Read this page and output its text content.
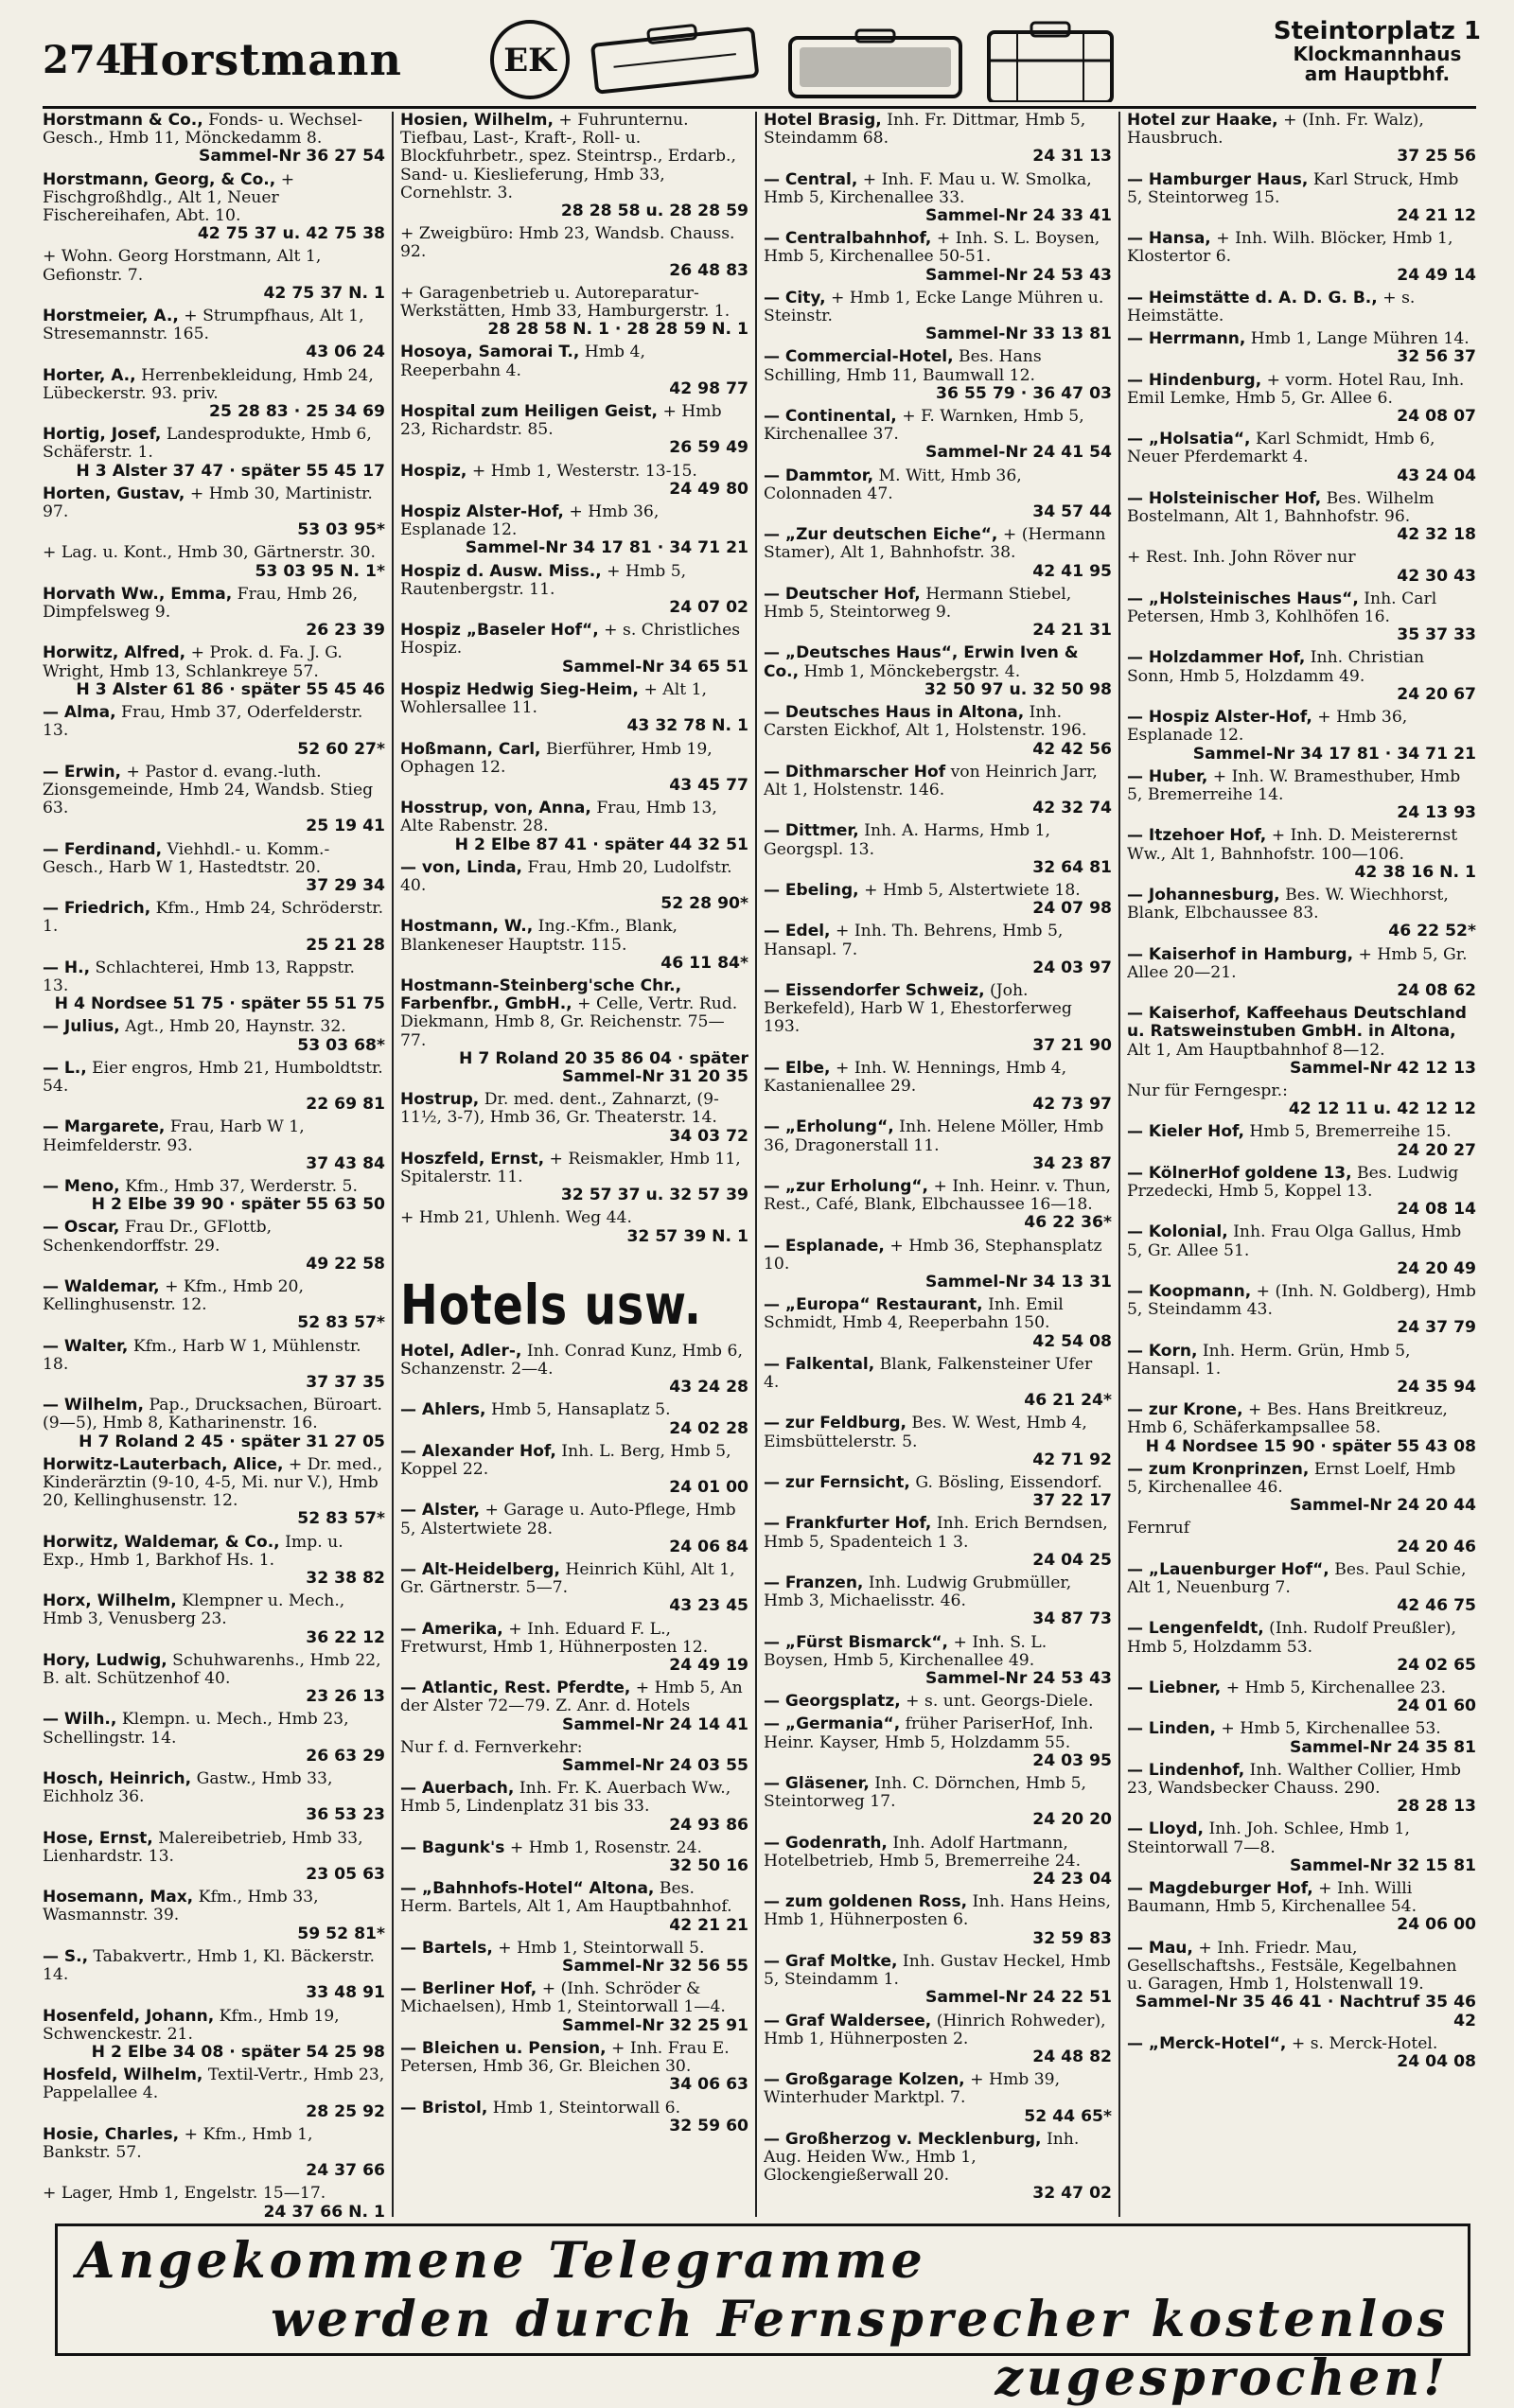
274
Horstmann	EK
Steintorplatz 1
Klockmannhaus
am Hauptbhf.

Horstmann & Co., Fonds- u. Wechsel-Gesch., Hmb 11, Mönckedamm 8.
Sammel-Nr 36 27 54

Horstmann, Georg, & Co., + Fischgroßhdlg., Alt 1, Neuer Fischereihafen, Abt. 10.
42 75 37 u. 42 75 38

+ Wohn. Georg Horstmann, Alt 1, Gefionstr. 7.
42 75 37 N. 1

Horstmeier, A., + Strumpfhaus, Alt 1, Stresemannstr. 165.
43 06 24

Horter, A., Herrenbekleidung, Hmb 24, Lübeckerstr. 93. priv.
25 28 83 · 25 34 69

Hortig, Josef, Landesprodukte, Hmb 6, Schäferstr. 1.
H 3 Alster 37 47 · später 55 45 17

Horten, Gustav, + Hmb 30, Martinistr. 97.
53 03 95*

+ Lag. u. Kont., Hmb 30, Gärtnerstr. 30.
53 03 95 N. 1*

Horvath Ww., Emma, Frau, Hmb 26, Dimpfelsweg 9.
26 23 39

Horwitz, Alfred, + Prok. d. Fa. J. G. Wright, Hmb 13, Schlankreye 57.
H 3 Alster 61 86 · später 55 45 46

— Alma, Frau, Hmb 37, Oderfelderstr. 13.
52 60 27*

— Erwin, + Pastor d. evang.-luth. Zionsgemeinde, Hmb 24, Wandsb. Stieg 63.
25 19 41

— Ferdinand, Viehhdl.- u. Komm.-Gesch., Harb W 1, Hastedtstr. 20.
37 29 34

— Friedrich, Kfm., Hmb 24, Schröderstr. 1.
25 21 28

— H., Schlachterei, Hmb 13, Rappstr. 13.
H 4 Nordsee 51 75 · später 55 51 75

— Julius, Agt., Hmb 20, Haynstr. 32.
53 03 68*

— L., Eier engros, Hmb 21, Humboldtstr. 54.
22 69 81

— Margarete, Frau, Harb W 1, Heimfelderstr. 93.
37 43 84

— Meno, Kfm., Hmb 37, Werderstr. 5.
H 2 Elbe 39 90 · später 55 63 50

— Oscar, Frau Dr., GFlottb, Schenkendorffstr. 29.
49 22 58

— Waldemar, + Kfm., Hmb 20, Kellinghusenstr. 12.
52 83 57*

— Walter, Kfm., Harb W 1, Mühlenstr. 18.
37 37 35

— Wilhelm, Pap., Drucksachen, Büroart. (9—5), Hmb 8, Katharinenstr. 16.
H 7 Roland 2 45 · später 31 27 05

Horwitz-Lauterbach, Alice, + Dr. med., Kinderärztin (9-10, 4-5, Mi. nur V.), Hmb 20, Kellinghusenstr. 12.
52 83 57*

Horwitz, Waldemar, & Co., Imp. u. Exp., Hmb 1, Barkhof Hs. 1.
32 38 82

Horx, Wilhelm, Klempner u. Mech., Hmb 3, Venusberg 23.
36 22 12

Hory, Ludwig, Schuhwarenhs., Hmb 22, B. alt. Schützenhof 40.
23 26 13

— Wilh., Klempn. u. Mech., Hmb 23, Schellingstr. 14.
26 63 29

Hosch, Heinrich, Gastw., Hmb 33, Eichholz 36.
36 53 23

Hose, Ernst, Malereibetrieb, Hmb 33, Lienhardstr. 13.
23 05 63

Hosemann, Max, Kfm., Hmb 33, Wasmannstr. 39.
59 52 81*

— S., Tabakvertr., Hmb 1, Kl. Bäckerstr. 14.
33 48 91

Hosenfeld, Johann, Kfm., Hmb 19, Schwenckestr. 21.
H 2 Elbe 34 08 · später 54 25 98

Hosfeld, Wilhelm, Textil-Vertr., Hmb 23, Pappelallee 4.
28 25 92

Hosie, Charles, + Kfm., Hmb 1, Bankstr. 57.
24 37 66

+ Lager, Hmb 1, Engelstr. 15—17.
24 37 66 N. 1

Hosien, Wilhelm, + Fuhrunternu. Tiefbau, Last-, Kraft-, Roll- u. Blockfuhrbetr., spez. Steintrsp., Erdarb., Sand- u. Kieslieferung, Hmb 33, Cornehlstr. 3.
28 28 58 u. 28 28 59

+ Zweigbüro: Hmb 23, Wandsb. Chauss. 92.
26 48 83

+ Garagenbetrieb u. Autoreparatur-Werkstätten, Hmb 33, Hamburgerstr. 1.
28 28 58 N. 1 · 28 28 59 N. 1

Hosoya, Samorai T., Hmb 4, Reeperbahn 4.
42 98 77

Hospital zum Heiligen Geist, + Hmb 23, Richardstr. 85.
26 59 49

Hospiz, + Hmb 1, Westerstr. 13-15.
24 49 80

Hospiz Alster-Hof, + Hmb 36, Esplanade 12.
Sammel-Nr 34 17 81 · 34 71 21

Hospiz d. Ausw. Miss., + Hmb 5, Rautenbergstr. 11.
24 07 02

Hospiz „Baseler Hof“, + s. Christliches Hospiz.
Sammel-Nr 34 65 51

Hospiz Hedwig Sieg-Heim, + Alt 1, Wohlersallee 11.
43 32 78 N. 1

Hoßmann, Carl, Bierführer, Hmb 19, Ophagen 12.
43 45 77

Hosstrup, von, Anna, Frau, Hmb 13, Alte Rabenstr. 28.
H 2 Elbe 87 41 · später 44 32 51

— von, Linda, Frau, Hmb 20, Ludolfstr. 40.
52 28 90*

Hostmann, W., Ing.-Kfm., Blank, Blankeneser Hauptstr. 115.
46 11 84*

Hostmann-Steinberg'sche Chr., Farbenfbr., GmbH., + Celle, Vertr. Rud. Diekmann, Hmb 8, Gr. Reichenstr. 75—77.
H 7 Roland 20 35 86 04 · später Sammel-Nr 31 20 35

Hostrup, Dr. med. dent., Zahnarzt, (9-11½, 3-7), Hmb 36, Gr. Theaterstr. 14.
34 03 72

Hoszfeld, Ernst, + Reismakler, Hmb 11, Spitalerstr. 11.
32 57 37 u. 32 57 39

+ Hmb 21, Uhlenh. Weg 44.
32 57 39 N. 1

Hotels usw.

Hotel, Adler-, Inh. Conrad Kunz, Hmb 6, Schanzenstr. 2—4.
43 24 28

— Ahlers, Hmb 5, Hansaplatz 5.
24 02 28

— Alexander Hof, Inh. L. Berg, Hmb 5, Koppel 22.
24 01 00

— Alster, + Garage u. Auto-Pflege, Hmb 5, Alstertwiete 28.
24 06 84

— Alt-Heidelberg, Heinrich Kühl, Alt 1, Gr. Gärtnerstr. 5—7.
43 23 45

— Amerika, + Inh. Eduard F. L., Fretwurst, Hmb 1, Hühnerposten 12.
24 49 19

— Atlantic, Rest. Pferdte, + Hmb 5, An der Alster 72—79. Z. Anr. d. Hotels
Sammel-Nr 24 14 41

Nur f. d. Fernverkehr:
Sammel-Nr 24 03 55

— Auerbach, Inh. Fr. K. Auerbach Ww., Hmb 5, Lindenplatz 31 bis 33.
24 93 86

— Bagunk's + Hmb 1, Rosenstr. 24.
32 50 16

— „Bahnhofs-Hotel“ Altona, Bes. Herm. Bartels, Alt 1, Am Hauptbahnhof.
42 21 21

— Bartels, + Hmb 1, Steintorwall 5.
Sammel-Nr 32 56 55

— Berliner Hof, + (Inh. Schröder & Michaelsen), Hmb 1, Steintorwall 1—4.
Sammel-Nr 32 25 91

— Bleichen u. Pension, + Inh. Frau E. Petersen, Hmb 36, Gr. Bleichen 30.
34 06 63

— Bristol, Hmb 1, Steintorwall 6.
32 59 60

Hotel Brasig, Inh. Fr. Dittmar, Hmb 5, Steindamm 68.
24 31 13

— Central, + Inh. F. Mau u. W. Smolka, Hmb 5, Kirchenallee 33.
Sammel-Nr 24 33 41

— Centralbahnhof, + Inh. S. L. Boysen, Hmb 5, Kirchenallee 50-51.
Sammel-Nr 24 53 43

— City, + Hmb 1, Ecke Lange Mühren u. Steinstr.
Sammel-Nr 33 13 81

— Commercial-Hotel, Bes. Hans Schilling, Hmb 11, Baumwall 12.
36 55 79 · 36 47 03

— Continental, + F. Warnken, Hmb 5, Kirchenallee 37.
Sammel-Nr 24 41 54

— Dammtor, M. Witt, Hmb 36, Colonnaden 47.
34 57 44

— „Zur deutschen Eiche“, + (Hermann Stamer), Alt 1, Bahnhofstr. 38.
42 41 95

— Deutscher Hof, Hermann Stiebel, Hmb 5, Steintorweg 9.
24 21 31

— „Deutsches Haus“, Erwin Iven & Co., Hmb 1, Mönckebergstr. 4.
32 50 97 u. 32 50 98

— Deutsches Haus in Altona, Inh. Carsten Eickhof, Alt 1, Holstenstr. 196.
42 42 56

— Dithmarscher Hof von Heinrich Jarr, Alt 1, Holstenstr. 146.
42 32 74

— Dittmer, Inh. A. Harms, Hmb 1, Georgspl. 13.
32 64 81

— Ebeling, + Hmb 5, Alstertwiete 18.
24 07 98

— Edel, + Inh. Th. Behrens, Hmb 5, Hansapl. 7.
24 03 97

— Eissendorfer Schweiz, (Joh. Berkefeld), Harb W 1, Ehestorferweg 193.
37 21 90

— Elbe, + Inh. W. Hennings, Hmb 4, Kastanienallee 29.
42 73 97

— „Erholung“, Inh. Helene Möller, Hmb 36, Dragonerstall 11.
34 23 87

— „zur Erholung“, + Inh. Heinr. v. Thun, Rest., Café, Blank, Elbchaussee 16—18.
46 22 36*

— Esplanade, + Hmb 36, Stephansplatz 10.
Sammel-Nr 34 13 31

— „Europa“ Restaurant, Inh. Emil Schmidt, Hmb 4, Reeperbahn 150.
42 54 08

— Falkental, Blank, Falkensteiner Ufer 4.
46 21 24*

— zur Feldburg, Bes. W. West, Hmb 4, Eimsbüttelerstr. 5.
42 71 92

— zur Fernsicht, G. Bösling, Eissendorf.
37 22 17

— Frankfurter Hof, Inh. Erich Berndsen, Hmb 5, Spadenteich 1 3.
24 04 25

— Franzen, Inh. Ludwig Grubmüller, Hmb 3, Michaelisstr. 46.
34 87 73

— „Fürst Bismarck“, + Inh. S. L. Boysen, Hmb 5, Kirchenallee 49.
Sammel-Nr 24 53 43

— Georgsplatz, + s. unt. Georgs-Diele.

— „Germania“, früher PariserHof, Inh. Heinr. Kayser, Hmb 5, Holzdamm 55.
24 03 95

— Gläsener, Inh. C. Dörnchen, Hmb 5, Steintorweg 17.
24 20 20

— Godenrath, Inh. Adolf Hartmann, Hotelbetrieb, Hmb 5, Bremerreihe 24.
24 23 04

— zum goldenen Ross, Inh. Hans Heins, Hmb 1, Hühnerposten 6.
32 59 83

— Graf Moltke, Inh. Gustav Heckel, Hmb 5, Steindamm 1.
Sammel-Nr 24 22 51

— Graf Waldersee, (Hinrich Rohweder), Hmb 1, Hühnerposten 2.
24 48 82

— Großgarage Kolzen, + Hmb 39, Winterhuder Marktpl. 7.
52 44 65*

— Großherzog v. Mecklenburg, Inh. Aug. Heiden Ww., Hmb 1, Glockengießerwall 20.
32 47 02

Hotel zur Haake, + (Inh. Fr. Walz), Hausbruch.
37 25 56

— Hamburger Haus, Karl Struck, Hmb 5, Steintorweg 15.
24 21 12

— Hansa, + Inh. Wilh. Blöcker, Hmb 1, Klostertor 6.
24 49 14

— Heimstätte d. A. D. G. B., + s. Heimstätte.

— Herrmann, Hmb 1, Lange Mühren 14.
32 56 37

— Hindenburg, + vorm. Hotel Rau, Inh. Emil Lemke, Hmb 5, Gr. Allee 6.
24 08 07

— „Holsatia“, Karl Schmidt, Hmb 6, Neuer Pferdemarkt 4.
43 24 04

— Holsteinischer Hof, Bes. Wilhelm Bostelmann, Alt 1, Bahnhofstr. 96.
42 32 18

+ Rest. Inh. John Röver nur
42 30 43

— „Holsteinisches Haus“, Inh. Carl Petersen, Hmb 3, Kohlhöfen 16.
35 37 33

— Holzdammer Hof, Inh. Christian Sonn, Hmb 5, Holzdamm 49.
24 20 67

— Hospiz Alster-Hof, + Hmb 36, Esplanade 12.
Sammel-Nr 34 17 81 · 34 71 21

— Huber, + Inh. W. Bramesthuber, Hmb 5, Bremerreihe 14.
24 13 93

— Itzehoer Hof, + Inh. D. Meisterernst Ww., Alt 1, Bahnhofstr. 100—106.
42 38 16 N. 1

— Johannesburg, Bes. W. Wiechhorst, Blank, Elbchaussee 83.
46 22 52*

— Kaiserhof in Hamburg, + Hmb 5, Gr. Allee 20—21.
24 08 62

— Kaiserhof, Kaffeehaus Deutschland u. Ratsweinstuben GmbH. in Altona, Alt 1, Am Hauptbahnhof 8—12.
Sammel-Nr 42 12 13

Nur für Ferngespr.:
42 12 11 u. 42 12 12

— Kieler Hof, Hmb 5, Bremerreihe 15.
24 20 27

— KölnerHof goldene 13, Bes. Ludwig Przedecki, Hmb 5, Koppel 13.
24 08 14

— Kolonial, Inh. Frau Olga Gallus, Hmb 5, Gr. Allee 51.
24 20 49

— Koopmann, + (Inh. N. Goldberg), Hmb 5, Steindamm 43.
24 37 79

— Korn, Inh. Herm. Grün, Hmb 5, Hansapl. 1.
24 35 94

— zur Krone, + Bes. Hans Breitkreuz, Hmb 6, Schäferkampsallee 58.
H 4 Nordsee 15 90 · später 55 43 08

— zum Kronprinzen, Ernst Loelf, Hmb 5, Kirchenallee 46.
Sammel-Nr 24 20 44

Fernruf
24 20 46

— „Lauenburger Hof“, Bes. Paul Schie, Alt 1, Neuenburg 7.
42 46 75

— Lengenfeldt, (Inh. Rudolf Preußler), Hmb 5, Holzdamm 53.
24 02 65

— Liebner, + Hmb 5, Kirchenallee 23.
24 01 60

— Linden, + Hmb 5, Kirchenallee 53.
Sammel-Nr 24 35 81

— Lindenhof, Inh. Walther Collier, Hmb 23, Wandsbecker Chauss. 290.
28 28 13

— Lloyd, Inh. Joh. Schlee, Hmb 1, Steintorwall 7—8.
Sammel-Nr 32 15 81

— Magdeburger Hof, + Inh. Willi Baumann, Hmb 5, Kirchenallee 54.
24 06 00

— Mau, + Inh. Friedr. Mau, Gesellschaftshs., Festsäle, Kegelbahnen u. Garagen, Hmb 1, Holstenwall 19.
Sammel-Nr 35 46 41 · Nachtruf 35 46 42

— „Merck-Hotel“, + s. Merck-Hotel.
24 04 08

Angekommene Telegramme
werden durch Fernsprecher kostenlos zugesprochen!
